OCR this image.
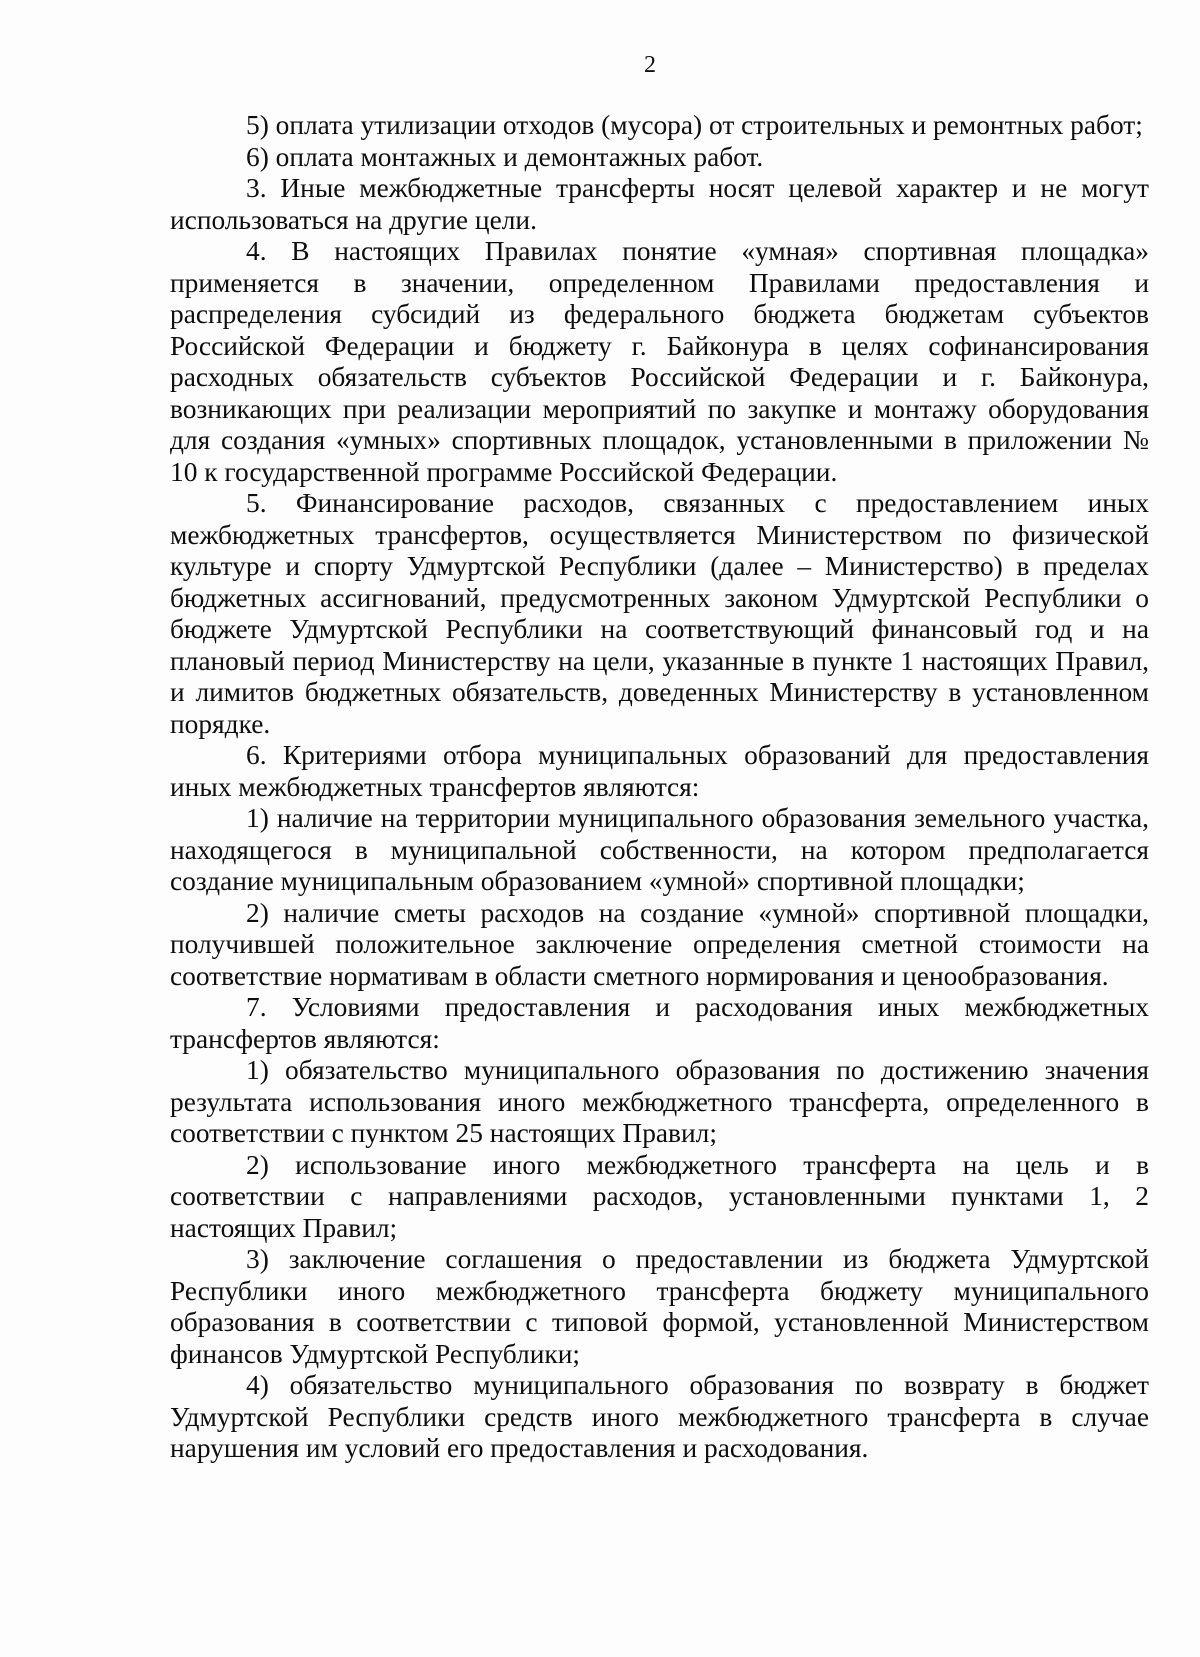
2

5) оплата утилизации отходов (мусора) от строительных и ремонтных работ;

6) оплата монтажных и демонтажных работ.

3. Иные межбюджетные трансферты носят целевой характер и не могут использоваться на другие цели.

4. В настоящих Правилах понятие «умная» спортивная площадка» применяется в значении, определенном Правилами предоставления и распределения субсидий из федерального бюджета бюджетам субъектов Российской Федерации и бюджету г. Байконура в целях софинансирования расходных обязательств субъектов Российской Федерации и г. Байконура, возникающих при реализации мероприятий по закупке и монтажу оборудования для создания «умных» спортивных площадок, установленными в приложении № 10 к государственной программе Российской Федерации.

5. Финансирование расходов, связанных с предоставлением иных межбюджетных трансфертов, осуществляется Министерством по физической культуре и спорту Удмуртской Республики (далее – Министерство) в пределах бюджетных ассигнований, предусмотренных законом Удмуртской Республики о бюджете Удмуртской Республики на соответствующий финансовый год и на плановый период Министерству на цели, указанные в пункте 1 настоящих Правил, и лимитов бюджетных обязательств, доведенных Министерству в установленном порядке.

6. Критериями отбора муниципальных образований для предоставления иных межбюджетных трансфертов являются:

1) наличие на территории муниципального образования земельного участка, находящегося в муниципальной собственности, на котором предполагается создание муниципальным образованием «умной» спортивной площадки;

2) наличие сметы расходов на создание «умной» спортивной площадки, получившей положительное заключение определения сметной стоимости на соответствие нормативам в области сметного нормирования и ценообразования.

7. Условиями предоставления и расходования иных межбюджетных трансфертов являются:

1) обязательство муниципального образования по достижению значения результата использования иного межбюджетного трансферта, определенного в соответствии с пунктом 25 настоящих Правил;

2) использование иного межбюджетного трансферта на цель и в соответствии с направлениями расходов, установленными пунктами 1, 2 настоящих Правил;

3) заключение соглашения о предоставлении из бюджета Удмуртской Республики иного межбюджетного трансферта бюджету муниципального образования в соответствии с типовой формой, установленной Министерством финансов Удмуртской Республики;

4) обязательство муниципального образования по возврату в бюджет Удмуртской Республики средств иного межбюджетного трансферта в случае нарушения им условий его предоставления и расходования.
